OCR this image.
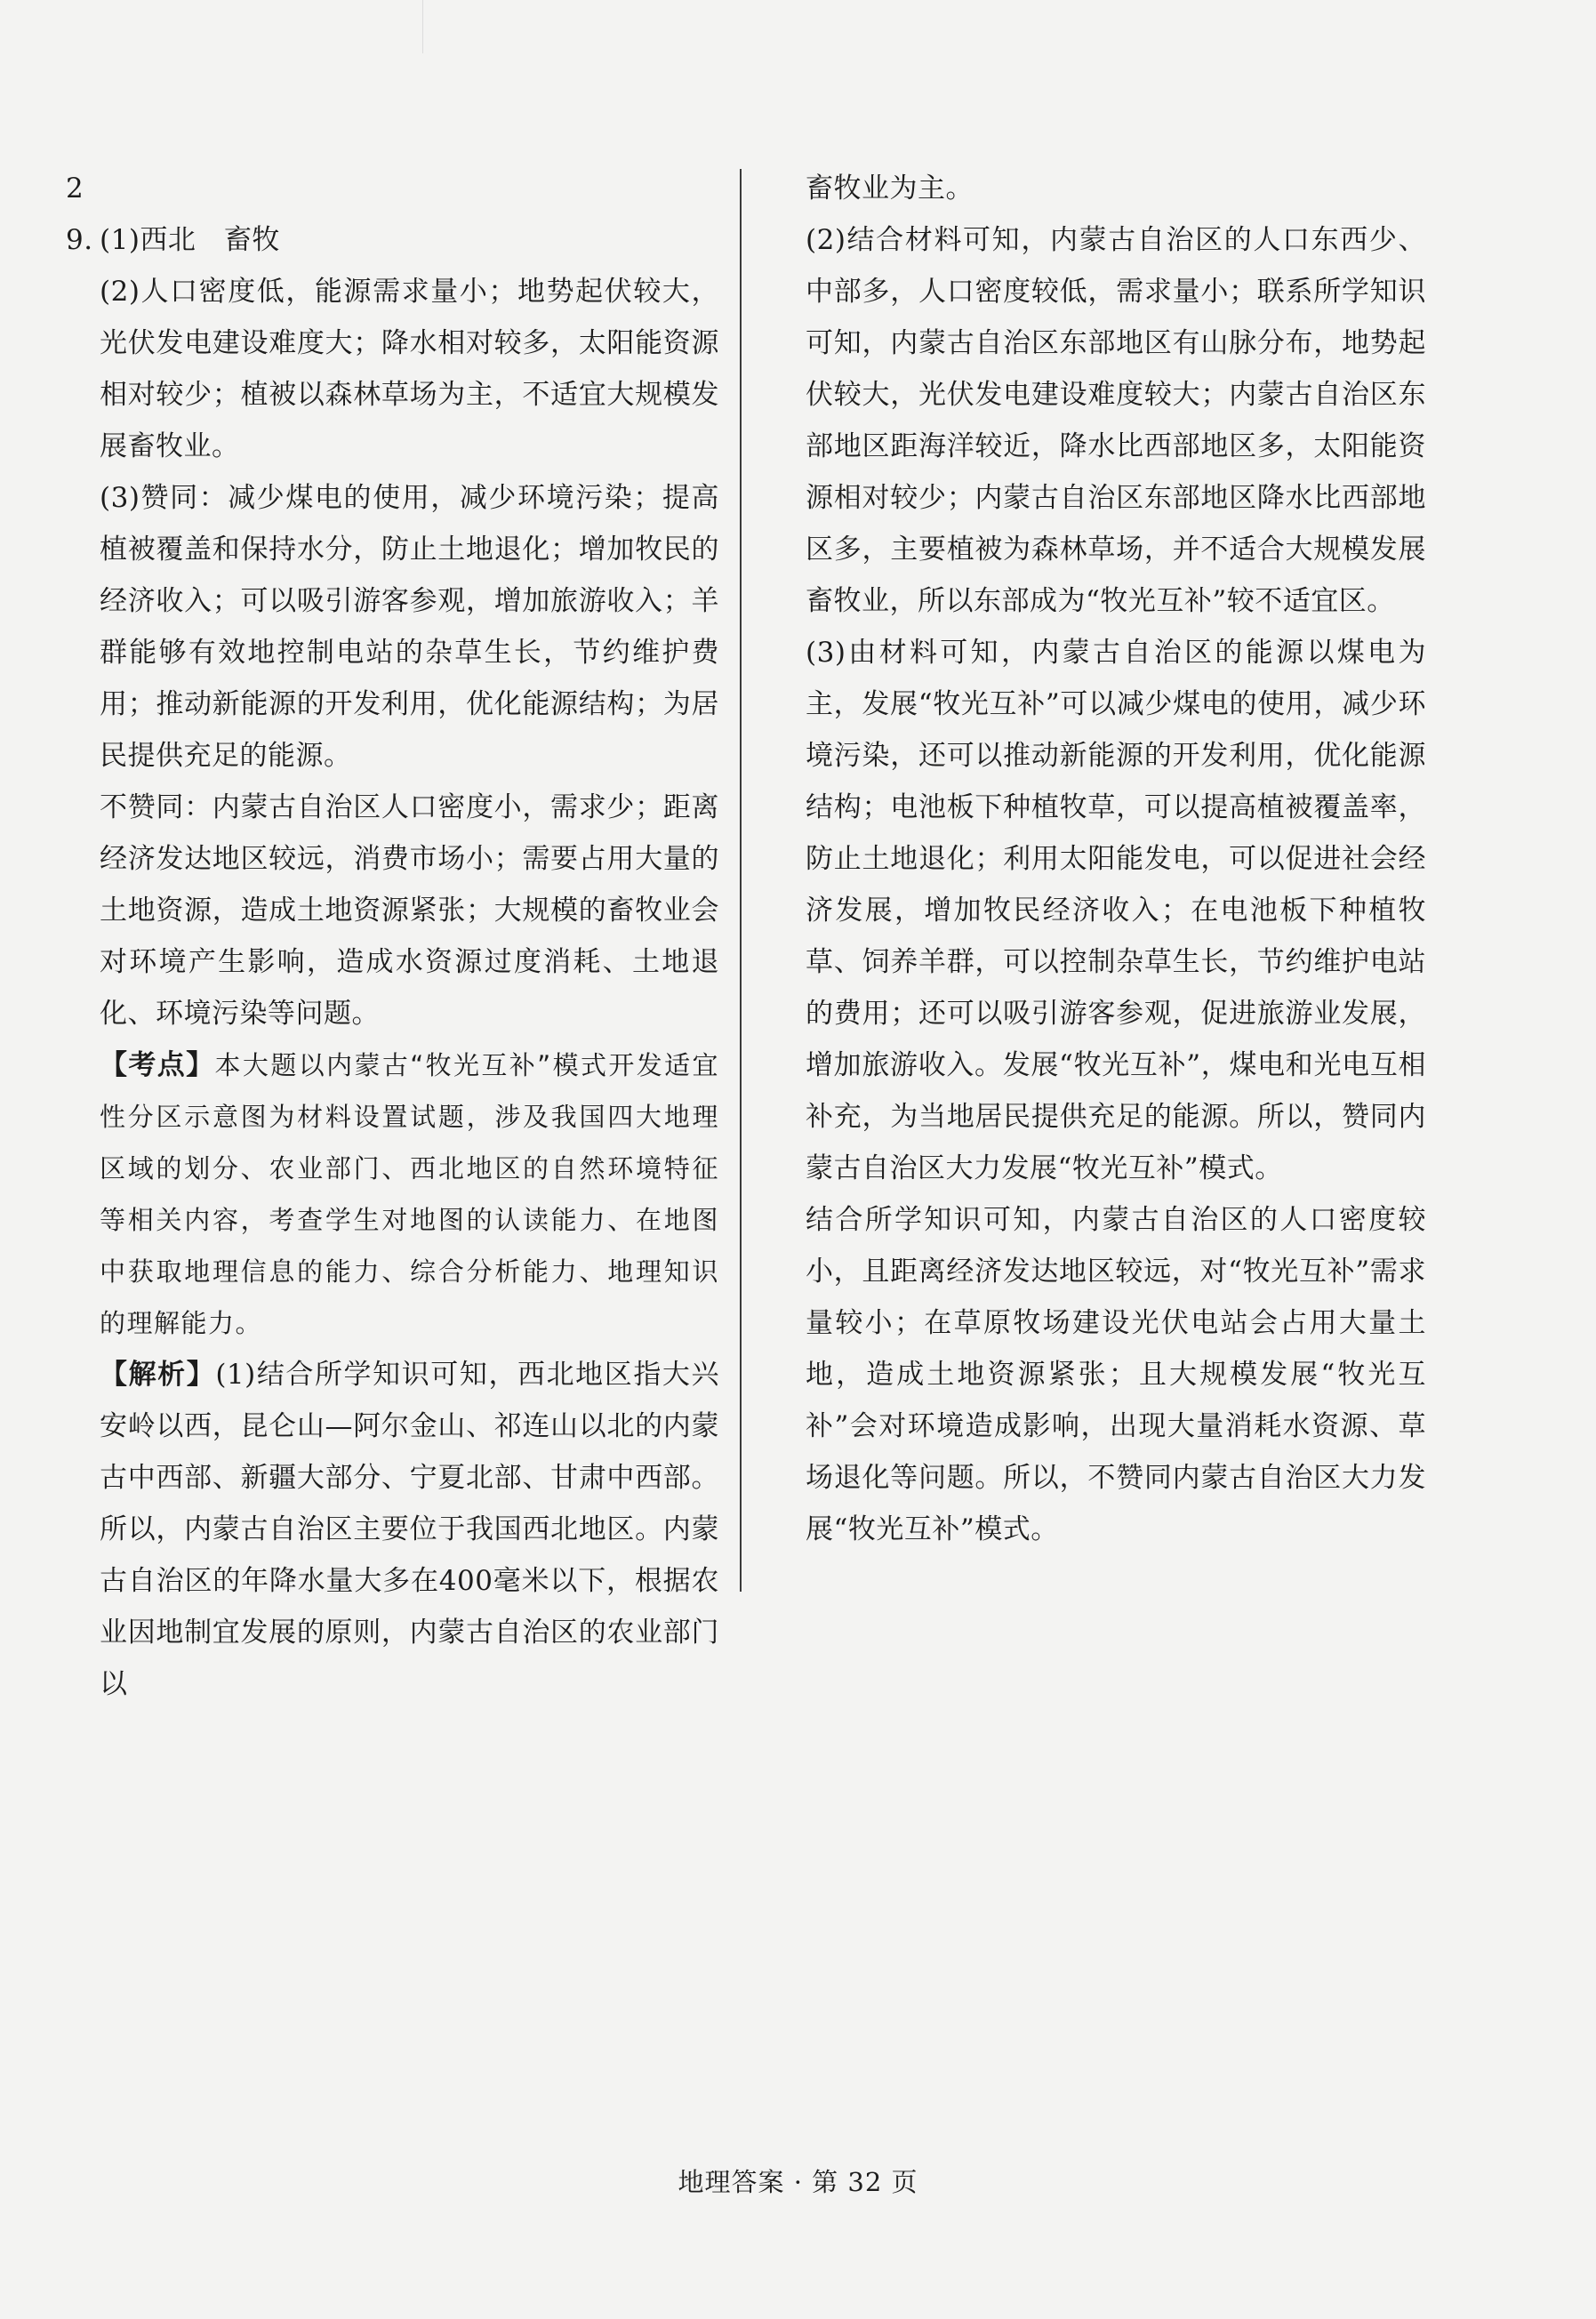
29. (1)西北　畜牧

(2)人口密度低，能源需求量小；地势起伏较大，光伏发电建设难度大；降水相对较多，太阳能资源相对较少；植被以森林草场为主，不适宜大规模发展畜牧业。

(3)赞同：减少煤电的使用，减少环境污染；提高植被覆盖和保持水分，防止土地退化；增加牧民的经济收入；可以吸引游客参观，增加旅游收入；羊群能够有效地控制电站的杂草生长，节约维护费用；推动新能源的开发利用，优化能源结构；为居民提供充足的能源。

不赞同：内蒙古自治区人口密度小，需求少；距离经济发达地区较远，消费市场小；需要占用大量的土地资源，造成土地资源紧张；大规模的畜牧业会对环境产生影响，造成水资源过度消耗、土地退化、环境污染等问题。

【考点】本大题以内蒙古“牧光互补”模式开发适宜性分区示意图为材料设置试题，涉及我国四大地理区域的划分、农业部门、西北地区的自然环境特征等相关内容，考查学生对地图的认读能力、在地图中获取地理信息的能力、综合分析能力、地理知识的理解能力。

【解析】(1)结合所学知识可知，西北地区指大兴安岭以西，昆仑山—阿尔金山、祁连山以北的内蒙古中西部、新疆大部分、宁夏北部、甘肃中西部。所以，内蒙古自治区主要位于我国西北地区。内蒙古自治区的年降水量大多在400毫米以下，根据农业因地制宜发展的原则，内蒙古自治区的农业部门以

畜牧业为主。

(2)结合材料可知，内蒙古自治区的人口东西少、中部多，人口密度较低，需求量小；联系所学知识可知，内蒙古自治区东部地区有山脉分布，地势起伏较大，光伏发电建设难度较大；内蒙古自治区东部地区距海洋较近，降水比西部地区多，太阳能资源相对较少；内蒙古自治区东部地区降水比西部地区多，主要植被为森林草场，并不适合大规模发展畜牧业，所以东部成为“牧光互补”较不适宜区。

(3)由材料可知，内蒙古自治区的能源以煤电为主，发展“牧光互补”可以减少煤电的使用，减少环境污染，还可以推动新能源的开发利用，优化能源结构；电池板下种植牧草，可以提高植被覆盖率，防止土地退化；利用太阳能发电，可以促进社会经济发展，增加牧民经济收入；在电池板下种植牧草、饲养羊群，可以控制杂草生长，节约维护电站的费用；还可以吸引游客参观，促进旅游业发展，增加旅游收入。发展“牧光互补”，煤电和光电互相补充，为当地居民提供充足的能源。所以，赞同内蒙古自治区大力发展“牧光互补”模式。

结合所学知识可知，内蒙古自治区的人口密度较小，且距离经济发达地区较远，对“牧光互补”需求量较小；在草原牧场建设光伏电站会占用大量土地，造成土地资源紧张；且大规模发展“牧光互补”会对环境造成影响，出现大量消耗水资源、草场退化等问题。所以，不赞同内蒙古自治区大力发展“牧光互补”模式。

地理答案 · 第 32 页
